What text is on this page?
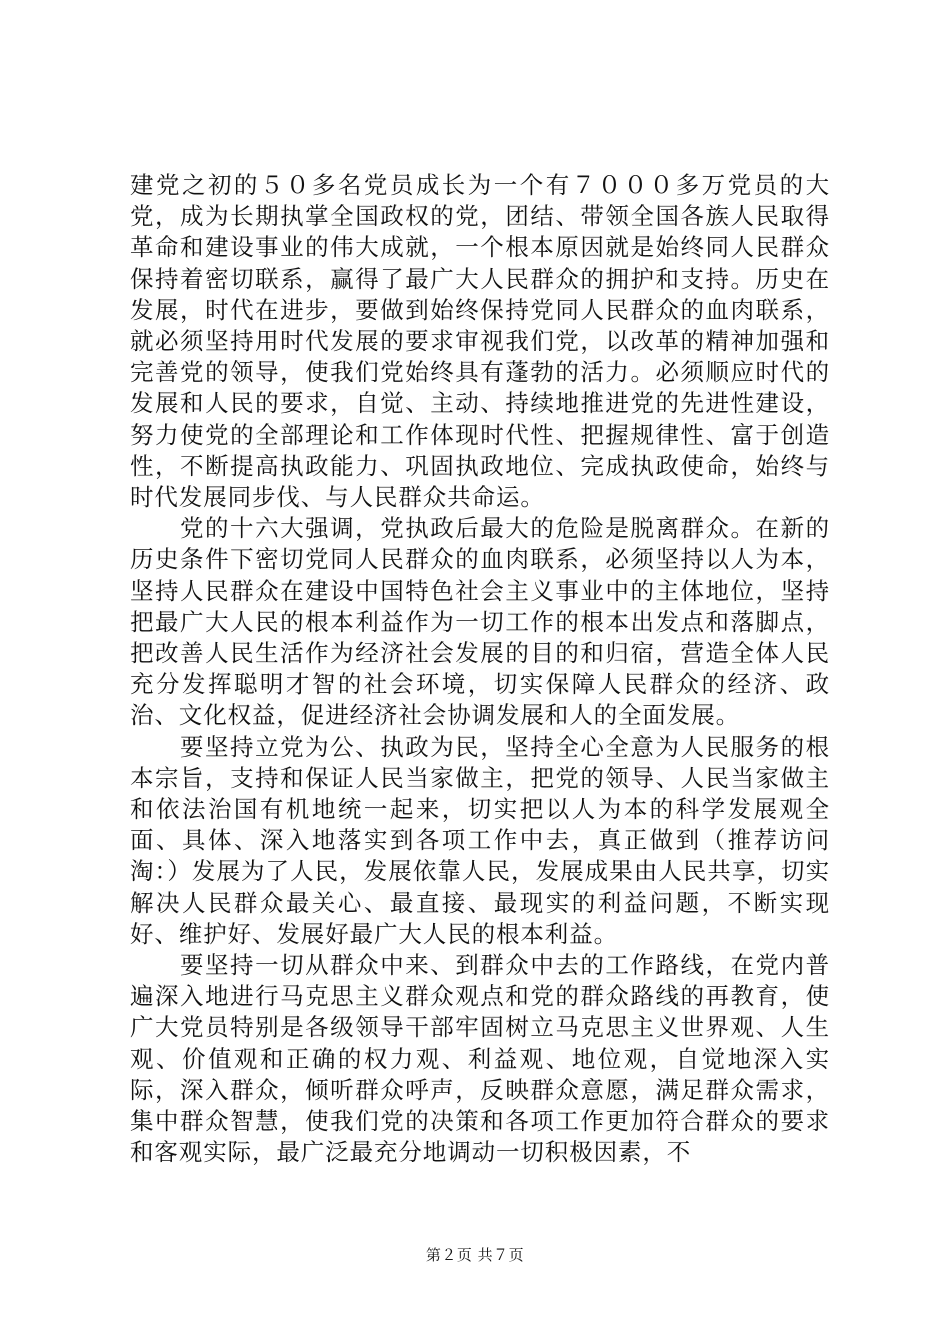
建党之初的５０多名党员成长为一个有７０００多万党员的大党，成为长期执掌全国政权的党，团结、带领全国各族人民取得革命和建设事业的伟大成就，一个根本原因就是始终同人民群众保持着密切联系，赢得了最广大人民群众的拥护和支持。历史在发展，时代在进步，要做到始终保持党同人民群众的血肉联系，就必须坚持用时代发展的要求审视我们党，以改革的精神加强和完善党的领导，使我们党始终具有蓬勃的活力。必须顺应时代的发展和人民的要求，自觉、主动、持续地推进党的先进性建设，努力使党的全部理论和工作体现时代性、把握规律性、富于创造性，不断提高执政能力、巩固执政地位、完成执政使命，始终与时代发展同步伐、与人民群众共命运。

党的十六大强调，党执政后最大的危险是脱离群众。在新的历史条件下密切党同人民群众的血肉联系，必须坚持以人为本，坚持人民群众在建设中国特色社会主义事业中的主体地位，坚持把最广大人民的根本利益作为一切工作的根本出发点和落脚点，把改善人民生活作为经济社会发展的目的和归宿，营造全体人民充分发挥聪明才智的社会环境，切实保障人民群众的经济、政治、文化权益，促进经济社会协调发展和人的全面发展。

要坚持立党为公、执政为民，坚持全心全意为人民服务的根本宗旨，支持和保证人民当家做主，把党的领导、人民当家做主和依法治国有机地统一起来，切实把以人为本的科学发展观全面、具体、深入地落实到各项工作中去，真正做到（推荐访问淘：）发展为了人民，发展依靠人民，发展成果由人民共享，切实解决人民群众最关心、最直接、最现实的利益问题，不断实现好、维护好、发展好最广大人民的根本利益。

要坚持一切从群众中来、到群众中去的工作路线，在党内普遍深入地进行马克思主义群众观点和党的群众路线的再教育，使广大党员特别是各级领导干部牢固树立马克思主义世界观、人生观、价值观和正确的权力观、利益观、地位观，自觉地深入实际，深入群众，倾听群众呼声，反映群众意愿，满足群众需求，集中群众智慧，使我们党的决策和各项工作更加符合群众的要求和客观实际，最广泛最充分地调动一切积极因素，不

第２页 共７页
